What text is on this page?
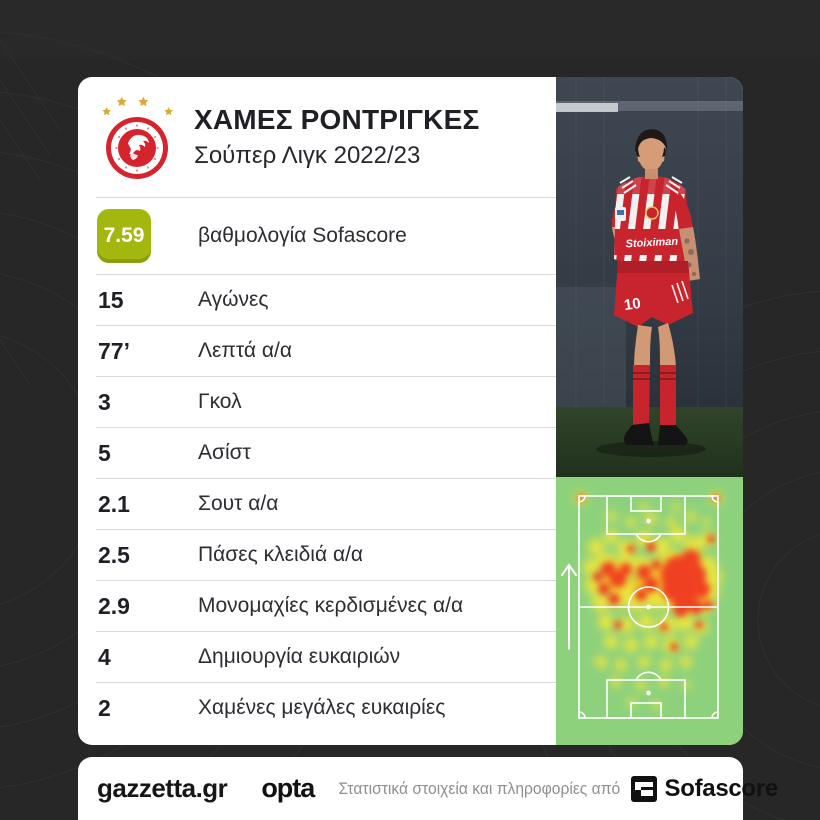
ΧΑΜΕΣ ΡΟΝΤΡΙΓΚΕΣ
Σούπερ Λιγκ 2022/23
7.59	βαθμολογία Sofascore
15	Αγώνες
77’	Λεπτά α/α
3	Γκολ
5	Ασίστ
2.1	Σουτ α/α
2.5	Πάσες κλειδιά α/α
2.9	Μονομαχίες κερδισμένες α/α
4	Δημιουργία ευκαιριών
2	Χαμένες μεγάλες ευκαιρίες
Stoiximan
10
gazzetta.gr opta Στατιστικά στοιχεία και πληροφορίες από Sofascore
